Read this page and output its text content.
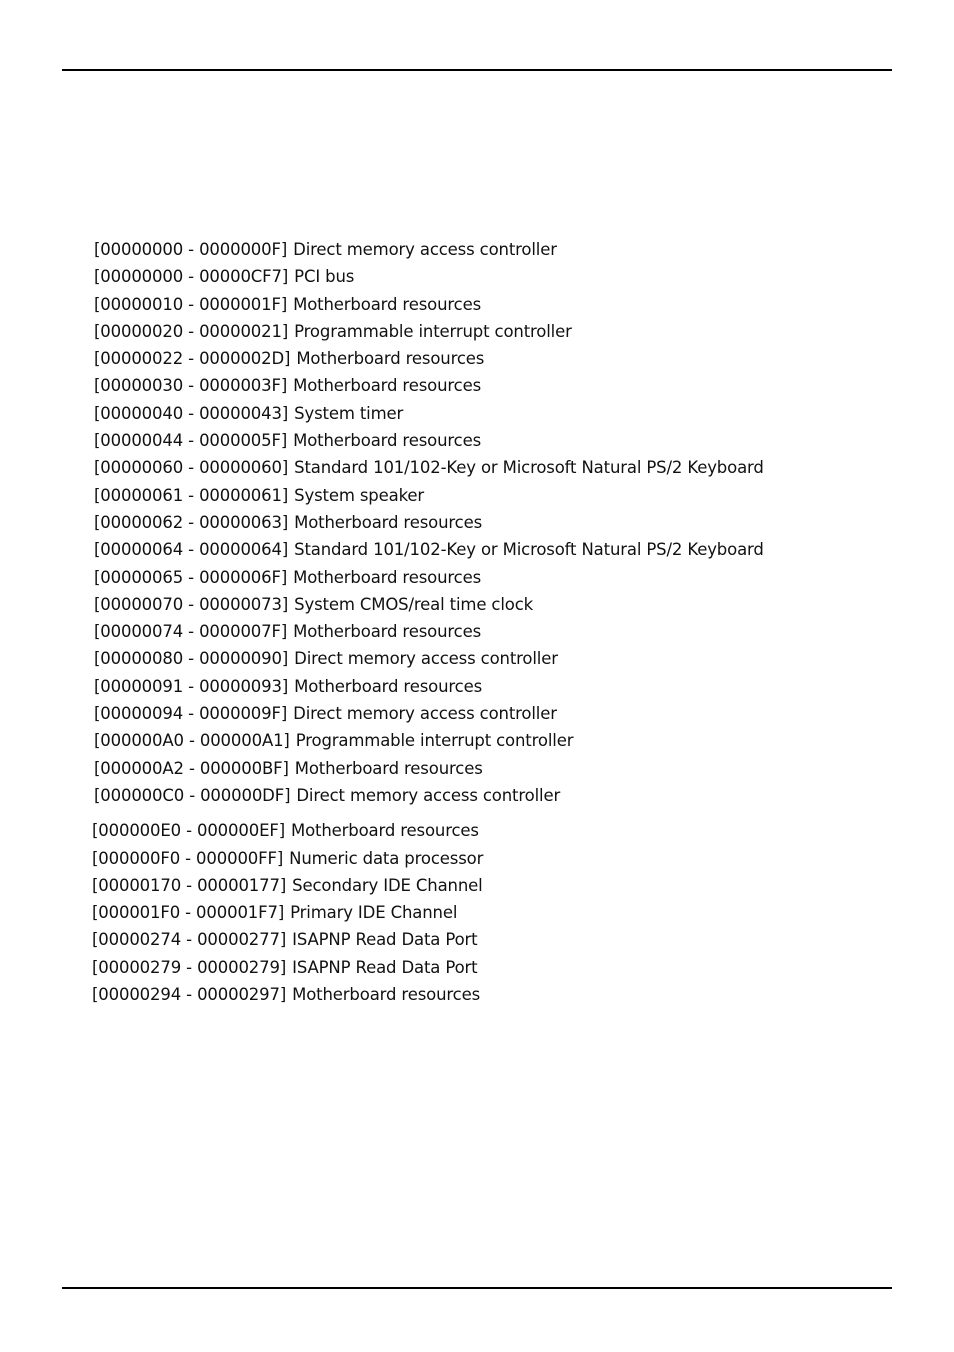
[00000000 - 0000000F] Direct memory access controller
[00000000 - 00000CF7] PCI bus
[00000010 - 0000001F] Motherboard resources
[00000020 - 00000021] Programmable interrupt controller
[00000022 - 0000002D] Motherboard resources
[00000030 - 0000003F] Motherboard resources
[00000040 - 00000043] System timer
[00000044 - 0000005F] Motherboard resources
[00000060 - 00000060] Standard 101/102-Key or Microsoft Natural PS/2 Keyboard
[00000061 - 00000061] System speaker
[00000062 - 00000063] Motherboard resources
[00000064 - 00000064] Standard 101/102-Key or Microsoft Natural PS/2 Keyboard
[00000065 - 0000006F] Motherboard resources
[00000070 - 00000073] System CMOS/real time clock
[00000074 - 0000007F] Motherboard resources
[00000080 - 00000090] Direct memory access controller
[00000091 - 00000093] Motherboard resources
[00000094 - 0000009F] Direct memory access controller
[000000A0 - 000000A1] Programmable interrupt controller
[000000A2 - 000000BF] Motherboard resources
[000000C0 - 000000DF] Direct memory access controller
[000000E0 - 000000EF] Motherboard resources
[000000F0 - 000000FF] Numeric data processor
[00000170 - 00000177] Secondary IDE Channel
[000001F0 - 000001F7] Primary IDE Channel
[00000274 - 00000277] ISAPNP Read Data Port
[00000279 - 00000279] ISAPNP Read Data Port
[00000294 - 00000297] Motherboard resources
